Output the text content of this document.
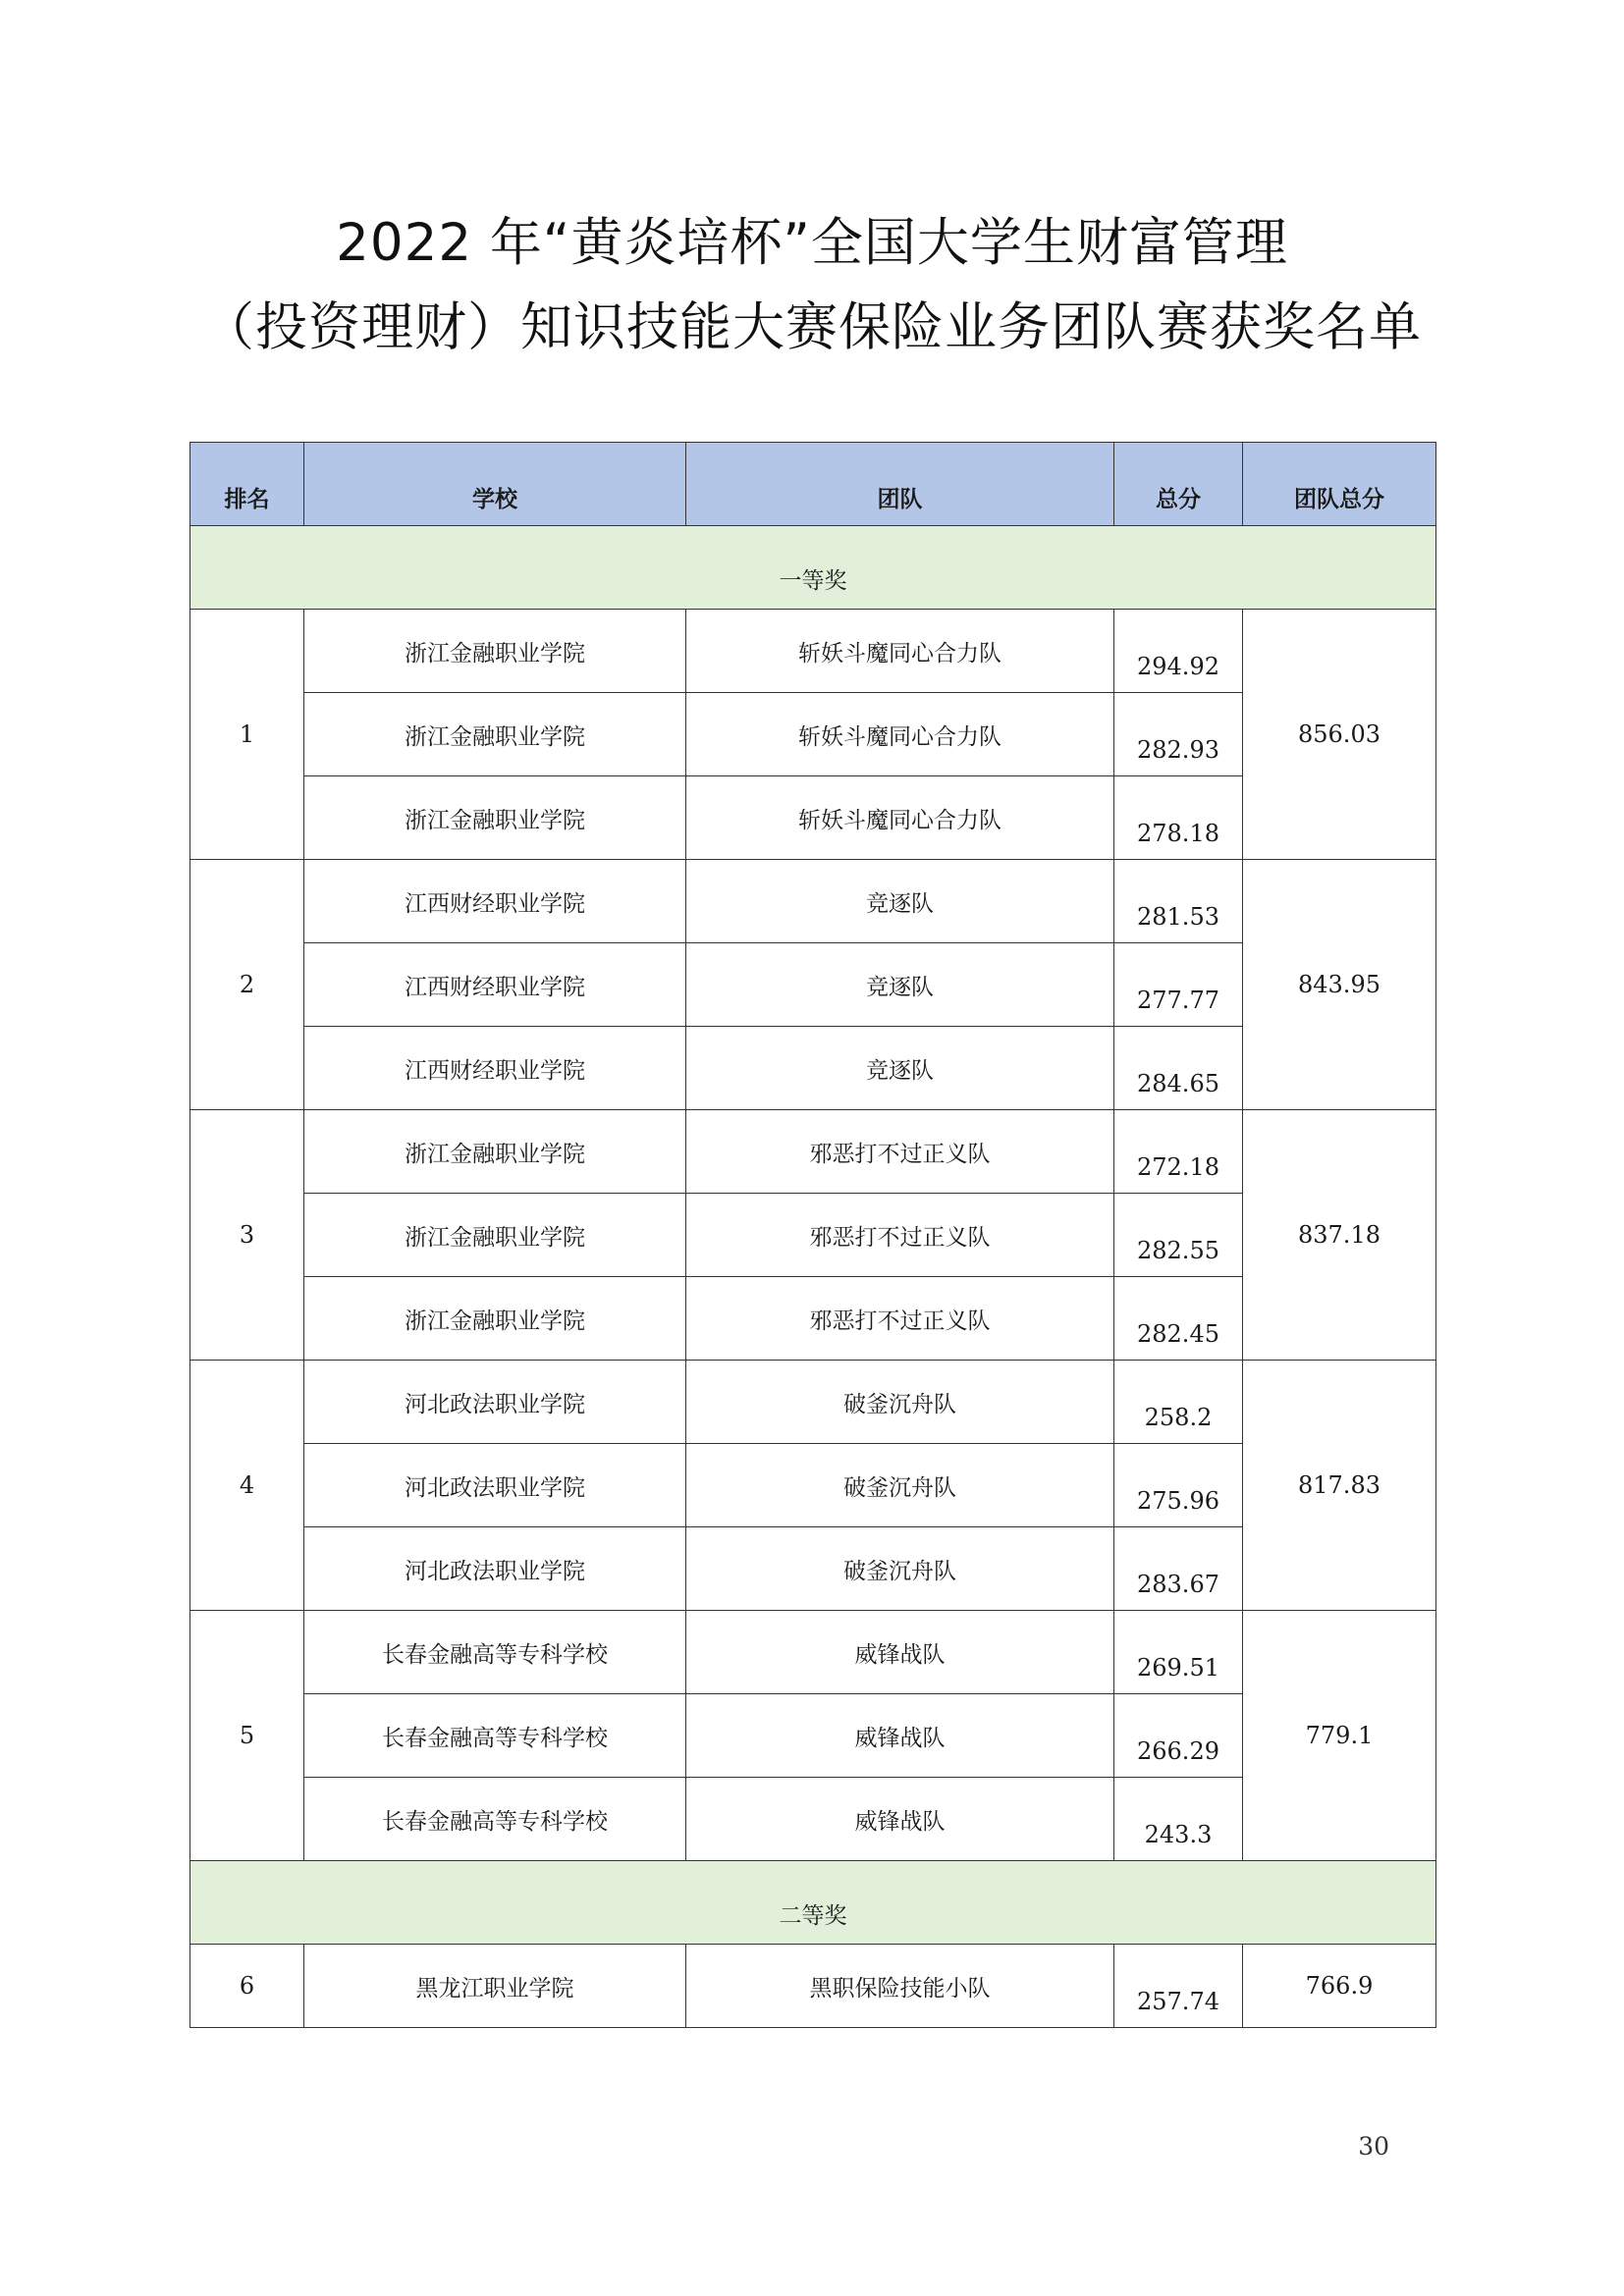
2022 年“黄炎培杯”全国大学生财富管理
（投资理财）知识技能大赛保险业务团队赛获奖名单
排名	学校	团队	总分	团队总分
一等奖				
1	浙江金融职业学院	斩妖斗魔同心合力队	294.92	856.03
	浙江金融职业学院	斩妖斗魔同心合力队	282.93	
	浙江金融职业学院	斩妖斗魔同心合力队	278.18	
2	江西财经职业学院	竞逐队	281.53	843.95
	江西财经职业学院	竞逐队	277.77	
	江西财经职业学院	竞逐队	284.65	
3	浙江金融职业学院	邪恶打不过正义队	272.18	837.18
	浙江金融职业学院	邪恶打不过正义队	282.55	
	浙江金融职业学院	邪恶打不过正义队	282.45	
4	河北政法职业学院	破釜沉舟队	258.2	817.83
	河北政法职业学院	破釜沉舟队	275.96	
	河北政法职业学院	破釜沉舟队	283.67	
5	长春金融高等专科学校	威锋战队	269.51	779.1
	长春金融高等专科学校	威锋战队	266.29	
	长春金融高等专科学校	威锋战队	243.3	
二等奖				
6	黑龙江职业学院	黑职保险技能小队	257.74	766.9
30
